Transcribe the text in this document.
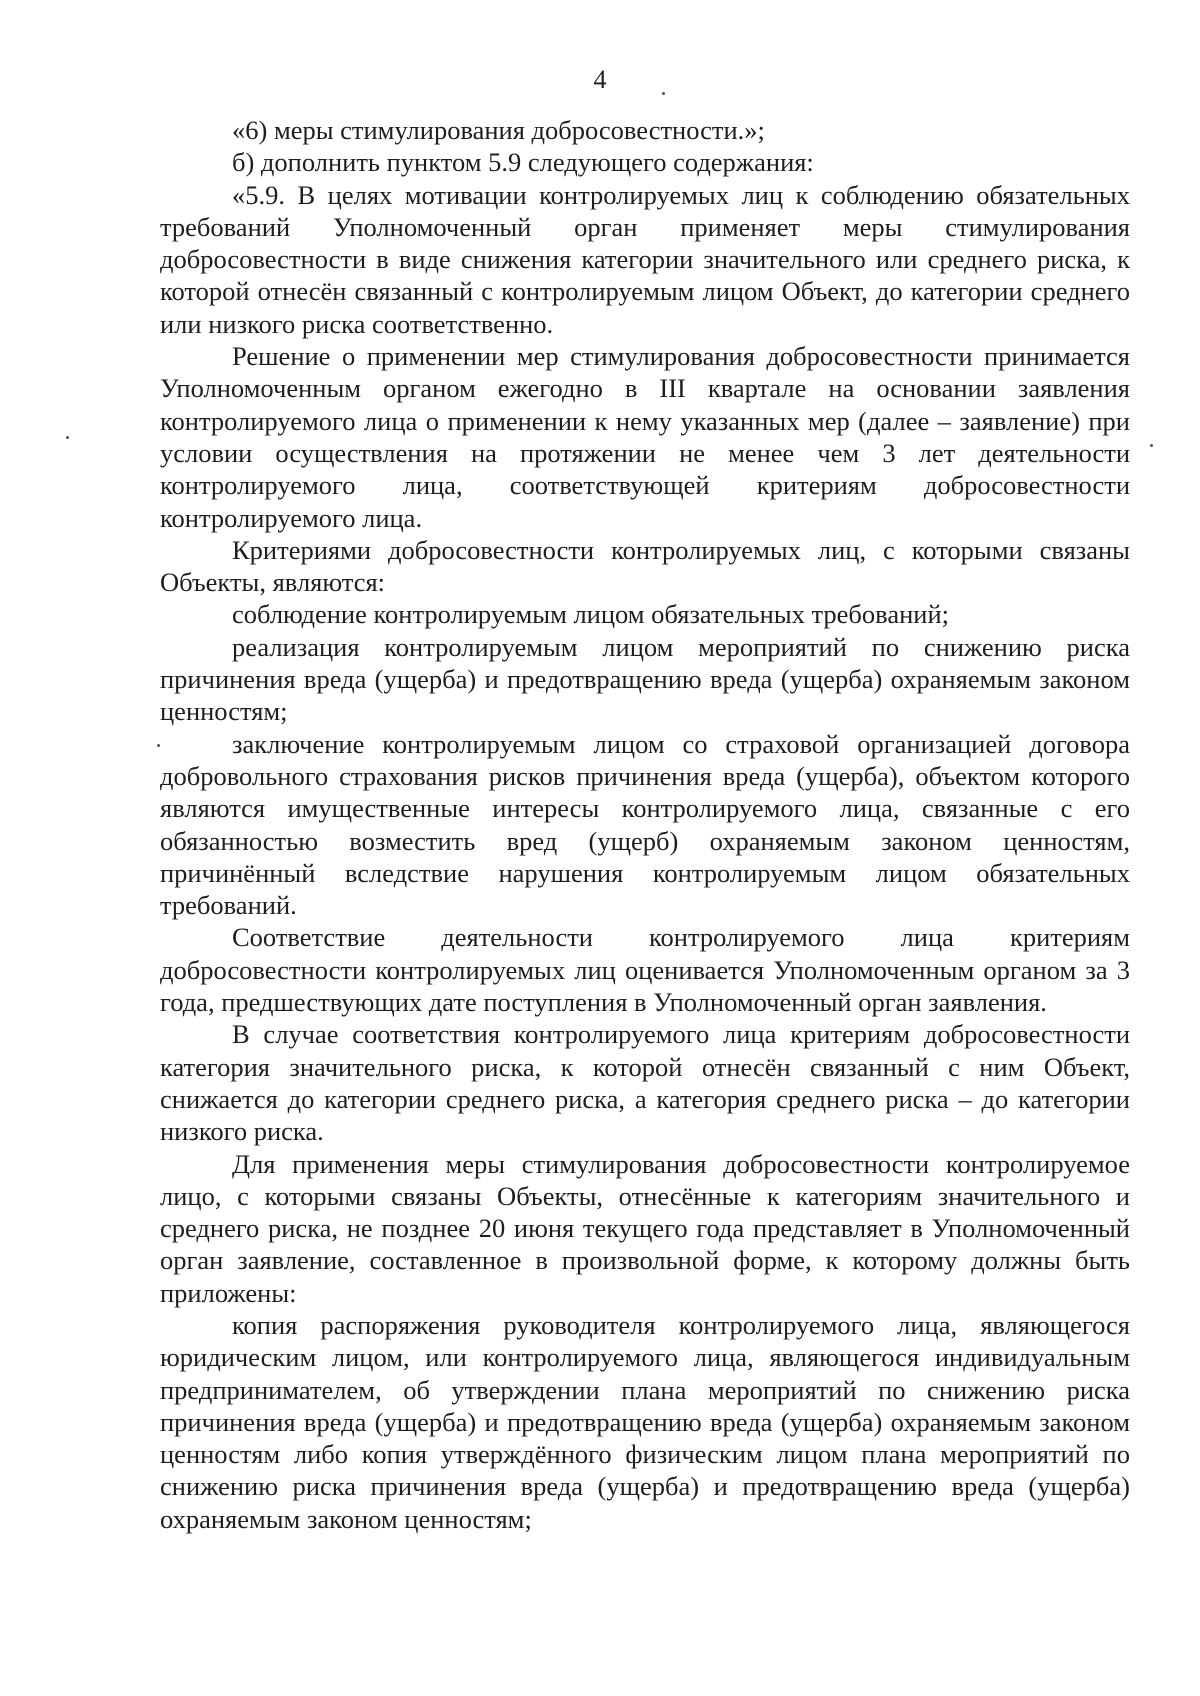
4

«6) меры стимулирования добросовестности.»;

б) дополнить пунктом 5.9 следующего содержания:

«5.9. В целях мотивации контролируемых лиц к соблюдению обязательных требований Уполномоченный орган применяет меры стимулирования добросовестности в виде снижения категории значительного или среднего риска, к которой отнесён связанный с контролируемым лицом Объект, до категории среднего или низкого риска соответственно.

Решение о применении мер стимулирования добросовестности принимается Уполномоченным органом ежегодно в III квартале на основании заявления контролируемого лица о применении к нему указанных мер (далее – заявление) при условии осуществления на протяжении не менее чем 3 лет деятельности контролируемого лица, соответствующей критериям добросовестности контролируемого лица.

Критериями добросовестности контролируемых лиц, с которыми связаны Объекты, являются:

соблюдение контролируемым лицом обязательных требований;

реализация контролируемым лицом мероприятий по снижению риска причинения вреда (ущерба) и предотвращению вреда (ущерба) охраняемым законом ценностям;

заключение контролируемым лицом со страховой организацией договора добровольного страхования рисков причинения вреда (ущерба), объектом которого являются имущественные интересы контролируемого лица, связанные с его обязанностью возместить вред (ущерб) охраняемым законом ценностям, причинённый вследствие нарушения контролируемым лицом обязательных требований.

Соответствие деятельности контролируемого лица критериям добросовестности контролируемых лиц оценивается Уполномоченным органом за 3 года, предшествующих дате поступления в Уполномоченный орган заявления.

В случае соответствия контролируемого лица критериям добросовестности категория значительного риска, к которой отнесён связанный с ним Объект, снижается до категории среднего риска, а категория среднего риска – до категории низкого риска.

Для применения меры стимулирования добросовестности контролируемое лицо, с которыми связаны Объекты, отнесённые к категориям значительного и среднего риска, не позднее 20 июня текущего года представляет в Уполномоченный орган заявление, составленное в произвольной форме, к которому должны быть приложены:

копия распоряжения руководителя контролируемого лица, являющегося юридическим лицом, или контролируемого лица, являющегося индивидуальным предпринимателем, об утверждении плана мероприятий по снижению риска причинения вреда (ущерба) и предотвращению вреда (ущерба) охраняемым законом ценностям либо копия утверждённого физическим лицом плана мероприятий по снижению риска причинения вреда (ущерба) и предотвращению вреда (ущерба) охраняемым законом ценностям;
